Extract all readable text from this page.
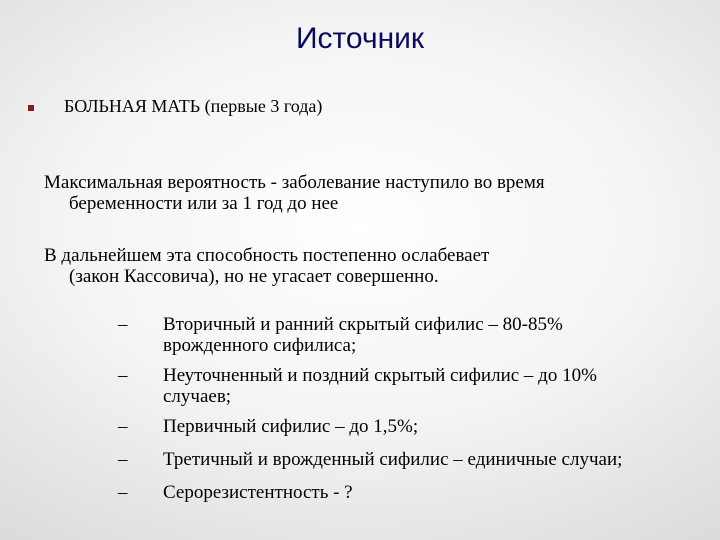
Источник
БОЛЬНАЯ МАТЬ (первые 3 года)
Максимальная вероятность - заболевание наступило во время
беременности или за 1 год до нее
В дальнейшем эта способность постепенно ослабевает
(закон Кассовича), но не угасает совершенно.
–	Вторичный и ранний скрытый сифилис – 80-85%
врожденного сифилиса;
–	Неуточненный и поздний скрытый сифилис – до 10%
случаев;
–	Первичный сифилис – до 1,5%;
–	Третичный и врожденный сифилис – единичные случаи;
–	Серорезистентность - ?
